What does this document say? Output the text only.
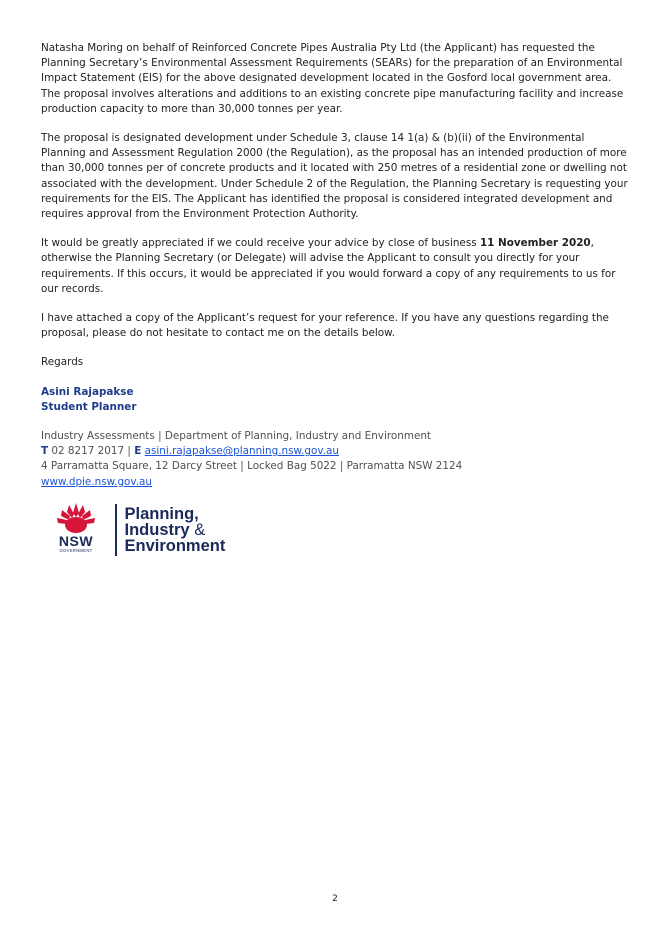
Natasha Moring on behalf of Reinforced Concrete Pipes Australia Pty Ltd (the Applicant) has requested the Planning Secretary’s Environmental Assessment Requirements (SEARs) for the preparation of an Environmental Impact Statement (EIS) for the above designated development located in the Gosford local government area. The proposal involves alterations and additions to an existing concrete pipe manufacturing facility and increase production capacity to more than 30,000 tonnes per year.

The proposal is designated development under Schedule 3, clause 14 1(a) & (b)(ii) of the Environmental Planning and Assessment Regulation 2000 (the Regulation), as the proposal has an intended production of more than 30,000 tonnes per of concrete products and it located with 250 metres of a residential zone or dwelling not associated with the development. Under Schedule 2 of the Regulation, the Planning Secretary is requesting your requirements for the EIS. The Applicant has identified the proposal is considered integrated development and requires approval from the Environment Protection Authority.

It would be greatly appreciated if we could receive your advice by close of business 11 November 2020, otherwise the Planning Secretary (or Delegate) will advise the Applicant to consult you directly for your requirements. If this occurs, it would be appreciated if you would forward a copy of any requirements to us for our records.

I have attached a copy of the Applicant’s request for your reference. If you have any questions regarding the proposal, please do not hesitate to contact me on the details below.

Regards

Asini Rajapakse

Student Planner

Industry Assessments | Department of Planning, Industry and Environment

T 02 8217 2017 | E asini.rajapakse@planning.nsw.gov.au

4 Parramatta Square, 12 Darcy Street | Locked Bag 5022 | Parramatta NSW 2124

www.dpie.nsw.gov.au

NSW
GOVERNMENT
Planning,
Industry &
Environment
2
